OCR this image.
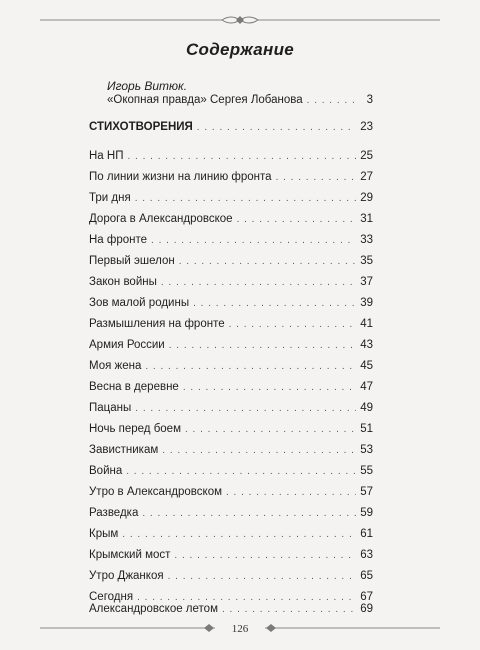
Содержание
Игорь Витюк.
«Окопная правда» Сергея Лобанова . . .	3
СТИХОТВОРЕНИЯ . . .	23
На НП . . .	25
По линии жизни на линию фронта . . .	27
Три дня . . .	29
Дорога в Александровское . . .	31
На фронте . . .	33
Первый эшелон . . .	35
Закон войны . . .	37
Зов малой родины . . .	39
Размышления на фронте . . .	41
Армия России . . .	43
Моя жена . . .	45
Весна в деревне . . .	47
Пацаны . . .	49
Ночь перед боем . . .	51
Завистникам . . .	53
Война . . .	55
Утро в Александровском . . .	57
Разведка . . .	59
Крым . . .	61
Крымский мост . . .	63
Утро Джанкоя . . .	65
Сегодня . . .	67
Александровское летом . . .	69
126
